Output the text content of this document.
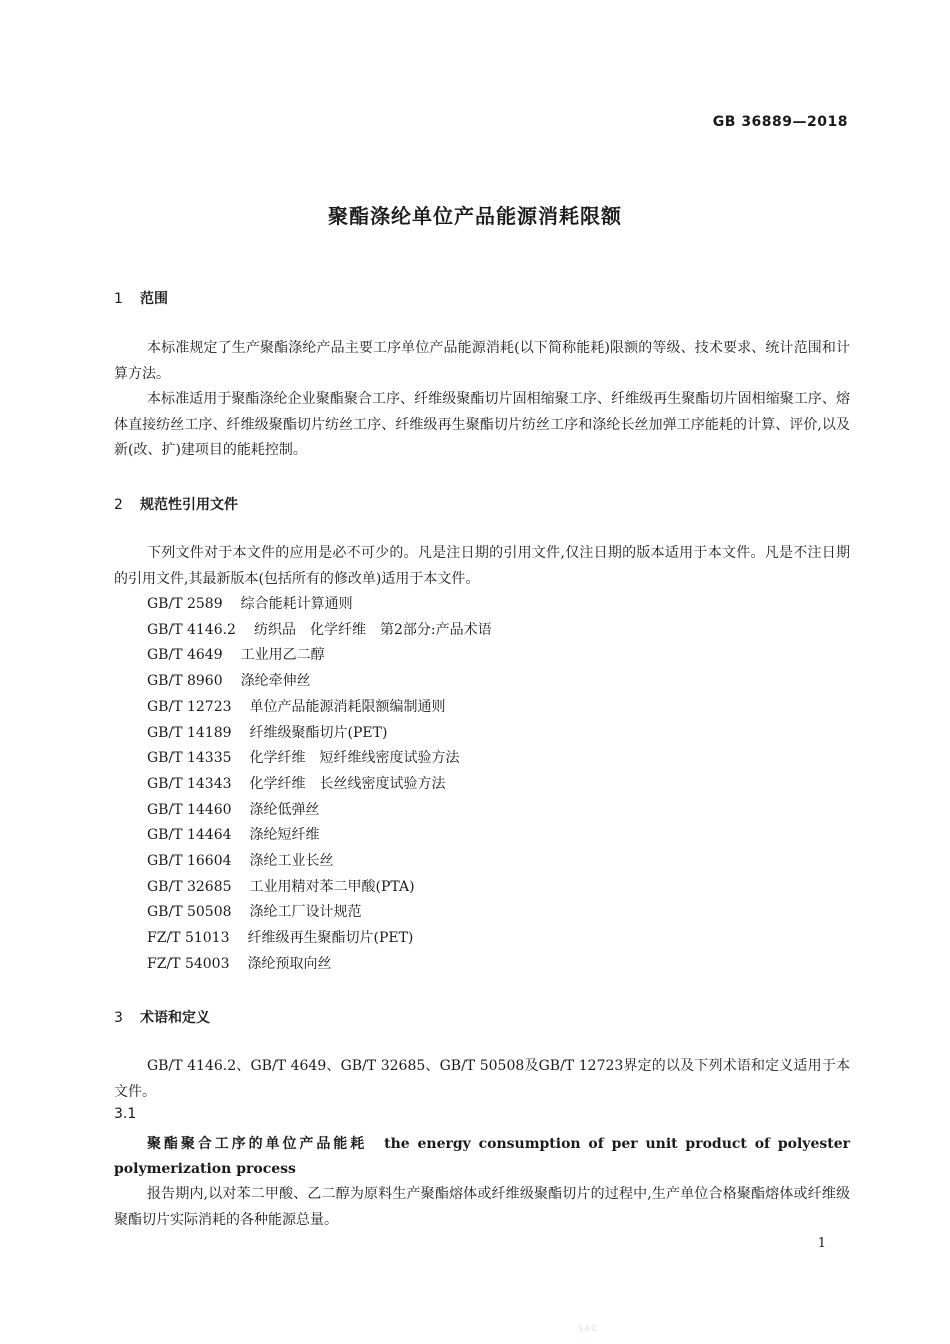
GB 36889—2018
聚酯涤纶单位产品能源消耗限额
1 范围

本标准规定了生产聚酯涤纶产品主要工序单位产品能源消耗(以下简称能耗)限额的等级、技术要求、统计范围和计算方法。

本标准适用于聚酯涤纶企业聚酯聚合工序、纤维级聚酯切片固相缩聚工序、纤维级再生聚酯切片固相缩聚工序、熔体直接纺丝工序、纤维级聚酯切片纺丝工序、纤维级再生聚酯切片纺丝工序和涤纶长丝加弹工序能耗的计算、评价,以及新(改、扩)建项目的能耗控制。

2 规范性引用文件

下列文件对于本文件的应用是必不可少的。凡是注日期的引用文件,仅注日期的版本适用于本文件。凡是不注日期的引用文件,其最新版本(包括所有的修改单)适用于本文件。

GB/T 2589 综合能耗计算通则
GB/T 4146.2 纺织品　化学纤维　第2部分:产品术语
GB/T 4649 工业用乙二醇
GB/T 8960 涤纶牵伸丝
GB/T 12723 单位产品能源消耗限额编制通则
GB/T 14189 纤维级聚酯切片(PET)
GB/T 14335 化学纤维　短纤维线密度试验方法
GB/T 14343 化学纤维　长丝线密度试验方法
GB/T 14460 涤纶低弹丝
GB/T 14464 涤纶短纤维
GB/T 16604 涤纶工业长丝
GB/T 32685 工业用精对苯二甲酸(PTA)
GB/T 50508 涤纶工厂设计规范
FZ/T 51013 纤维级再生聚酯切片(PET)
FZ/T 54003 涤纶预取向丝
3 术语和定义

GB/T 4146.2、GB/T 4649、GB/T 32685、GB/T 50508及GB/T 12723界定的以及下列术语和定义适用于本文件。

3.1

聚酯聚合工序的单位产品能耗　 the energy consumption of per unit product of polyester polymerization process

报告期内,以对苯二甲酸、乙二醇为原料生产聚酯熔体或纤维级聚酯切片的过程中,生产单位合格聚酯熔体或纤维级聚酯切片实际消耗的各种能源总量。

1
SAC
